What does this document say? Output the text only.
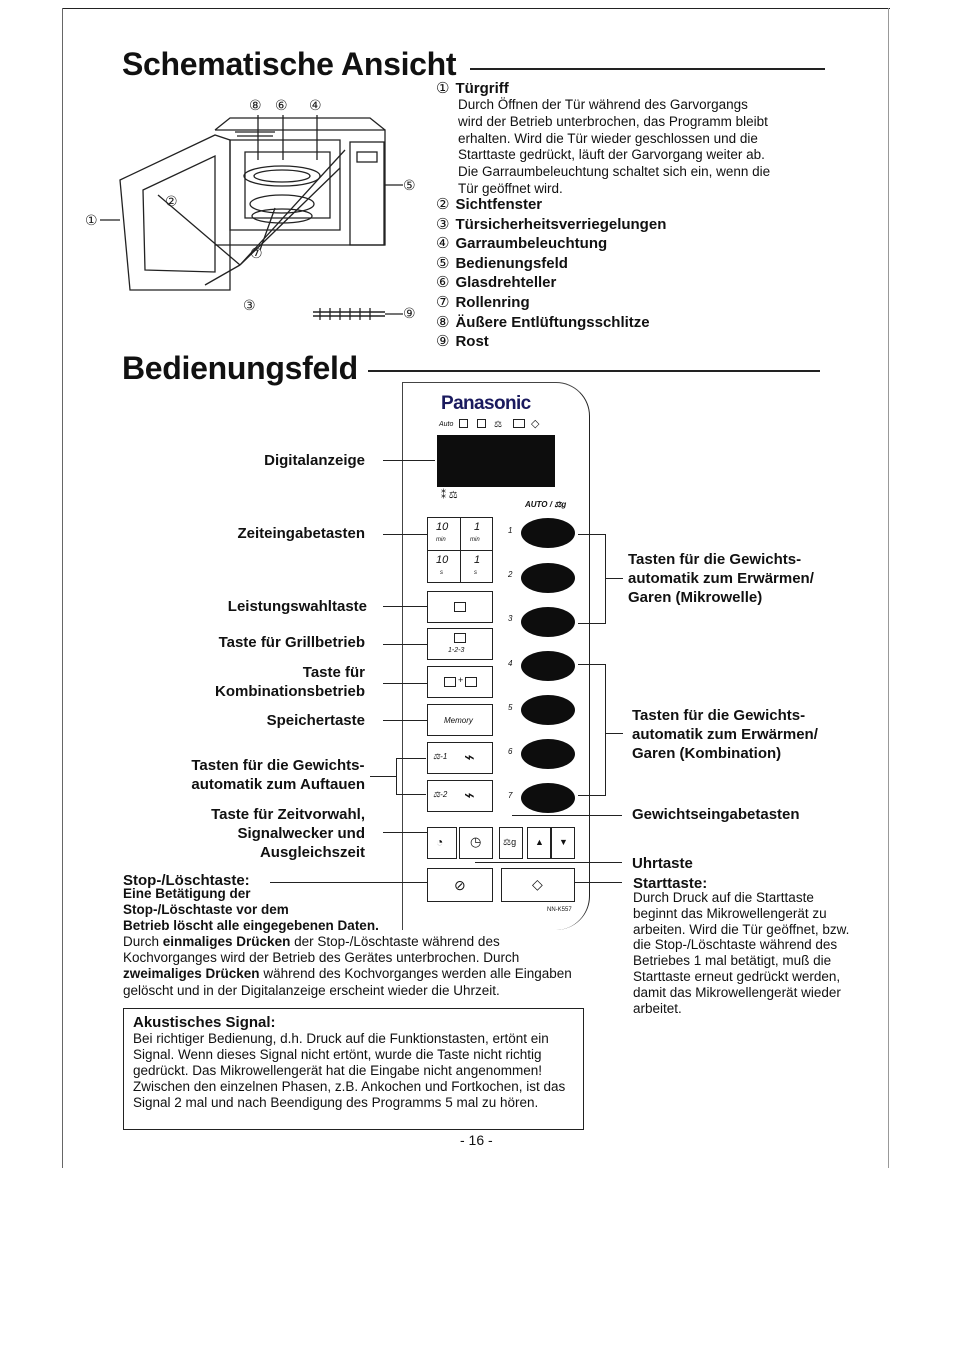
Schematische Ansicht
⑧ ⑥ ④
②
①
⑤
⑦
③	⑨
① Türgriff
Durch Öffnen der Tür während des Garvorgangs wird der Betrieb unterbrochen, das Programm bleibt erhalten. Wird die Tür wieder geschlossen und die Starttaste gedrückt, läuft der Garvorgang weiter ab. Die Garraumbeleuchtung schaltet sich ein, wenn die Tür geöffnet wird.
② Sichtfenster
③ Türsicherheitsverriegelungen
④ Garraumbeleuchtung
⑤ Bedienungsfeld
⑥ Glasdrehteller
⑦ Rollenring
⑧ Äußere Entlüftungsschlitze
⑨ Rost
Bedienungsfeld
Panasonic
Auto	⚖	◇
⁑ ⚖
AUTO / ⚖g
10
min
1
min
10
s
1
s
1-2-3
+
Memory
⚖-1 ⌁
⚖-2 ⌁
1
2
3
4
5
6
7
◔ ◷ ⚖g ▲ ▼
⊘	◇
NN-K557
Digitalanzeige
Zeiteingabetasten
Leistungswahltaste
Taste für Grillbetrieb
Taste für
Kombinationsbetrieb
Speichertaste
Tasten für die Gewichts-
automatik zum Auftauen
Taste für Zeitvorwahl,
Signalwecker und
Ausgleichszeit
Stop-/Löschtaste:
Eine Betätigung der
Stop-/Löschtaste vor dem
Betrieb löscht alle eingegebenen Daten.
Durch einmaliges Drücken der Stop-/Löschtaste während des Kochvorganges wird der Betrieb des Gerätes unterbrochen. Durch zweimaliges Drücken während des Kochvorganges werden alle Eingaben gelöscht und in der Digitalanzeige erscheint wieder die Uhrzeit.
Tasten für die Gewichts-
automatik zum Erwärmen/
Garen (Mikrowelle)
Tasten für die Gewichts-
automatik zum Erwärmen/
Garen (Kombination)
Gewichtseingabetasten
Uhrtaste
Starttaste:
Durch Druck auf die Starttaste beginnt das Mikrowellengerät zu arbeiten. Wird die Tür geöffnet, bzw. die Stop-/Löschtaste während des Betriebes 1 mal betätigt, muß die Starttaste erneut gedrückt werden, damit das Mikrowellengerät wieder arbeitet.
Akustisches Signal:
Bei richtiger Bedienung, d.h. Druck auf die Funktionstasten, ertönt ein Signal. Wenn dieses Signal nicht ertönt, wurde die Taste nicht richtig gedrückt. Das Mikrowellengerät hat die Eingabe nicht angenommen! Zwischen den einzelnen Phasen, z.B. Ankochen und Fortkochen, ist das Signal 2 mal und nach Beendigung des Programms 5 mal zu hören.
- 16 -
